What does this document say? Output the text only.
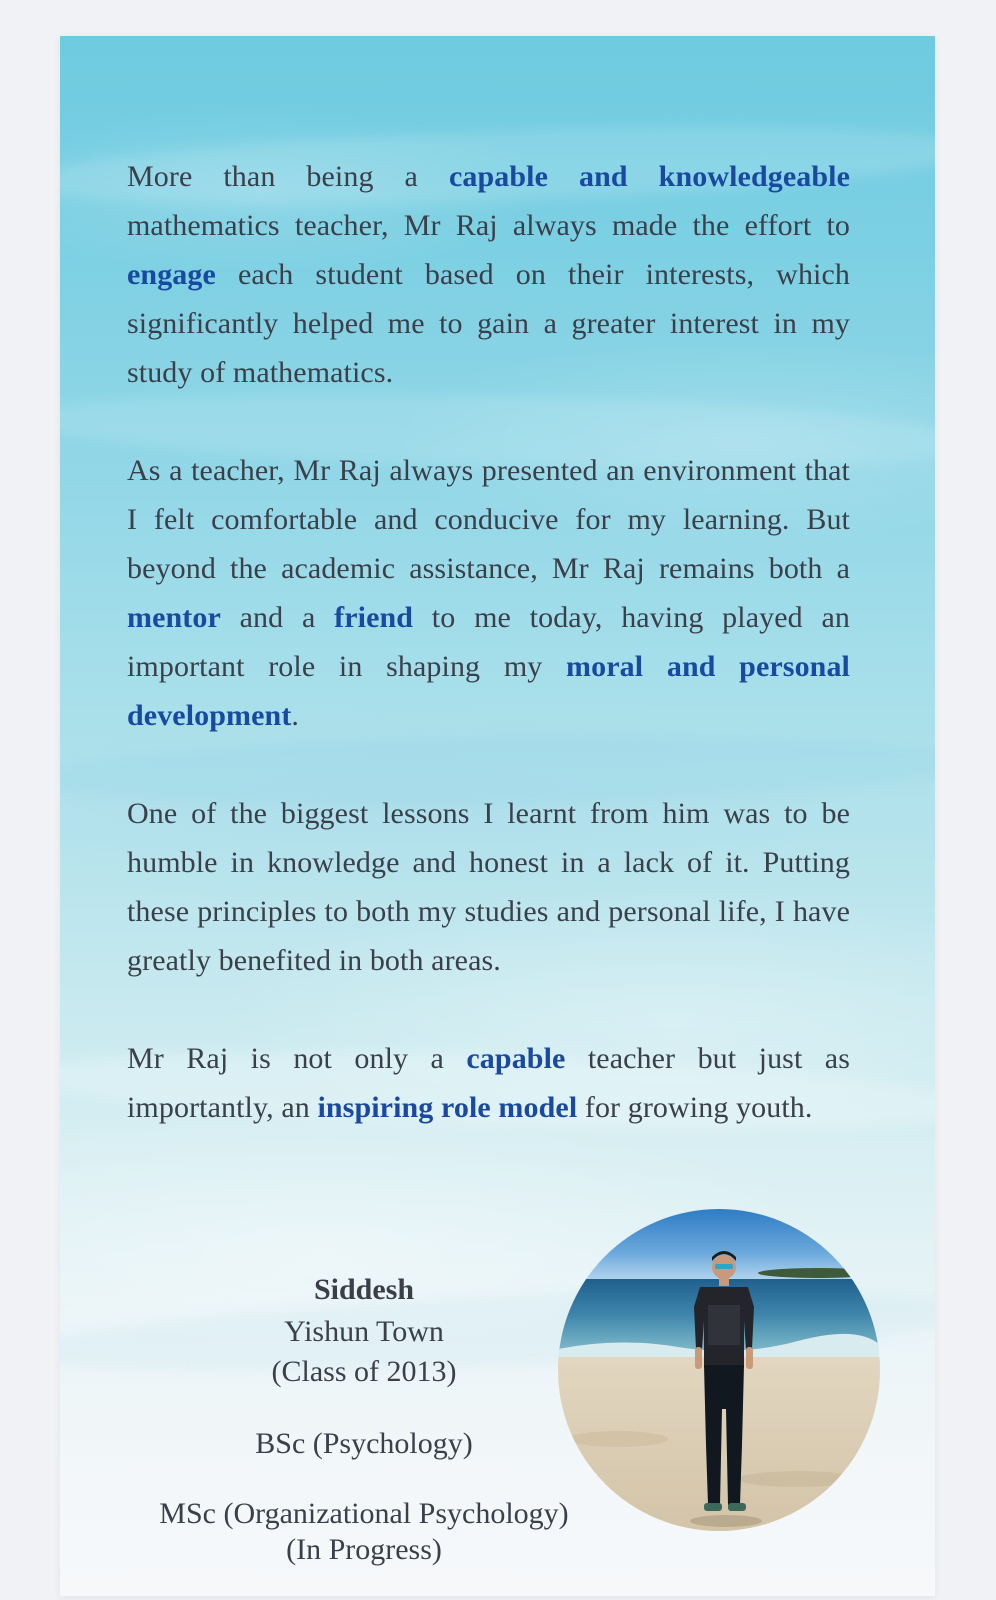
More than being a capable and knowledgeable mathematics teacher, Mr Raj always made the effort to engage each student based on their interests, which significantly helped me to gain a greater interest in my study of mathematics.

As a teacher, Mr Raj always presented an environment that I felt comfortable and conducive for my learning. But beyond the academic assistance, Mr Raj remains both a mentor and a friend to me today, having played an important role in shaping my moral and personal development.

One of the biggest lessons I learnt from him was to be humble in knowledge and honest in a lack of it. Putting these principles to both my studies and personal life, I have greatly benefited in both areas.

Mr Raj is not only a capable teacher but just as importantly, an inspiring role model for growing youth.

Siddesh
Yishun Town
(Class of 2013)
BSc (Psychology)
MSc (Organizational Psychology)
(In Progress)
